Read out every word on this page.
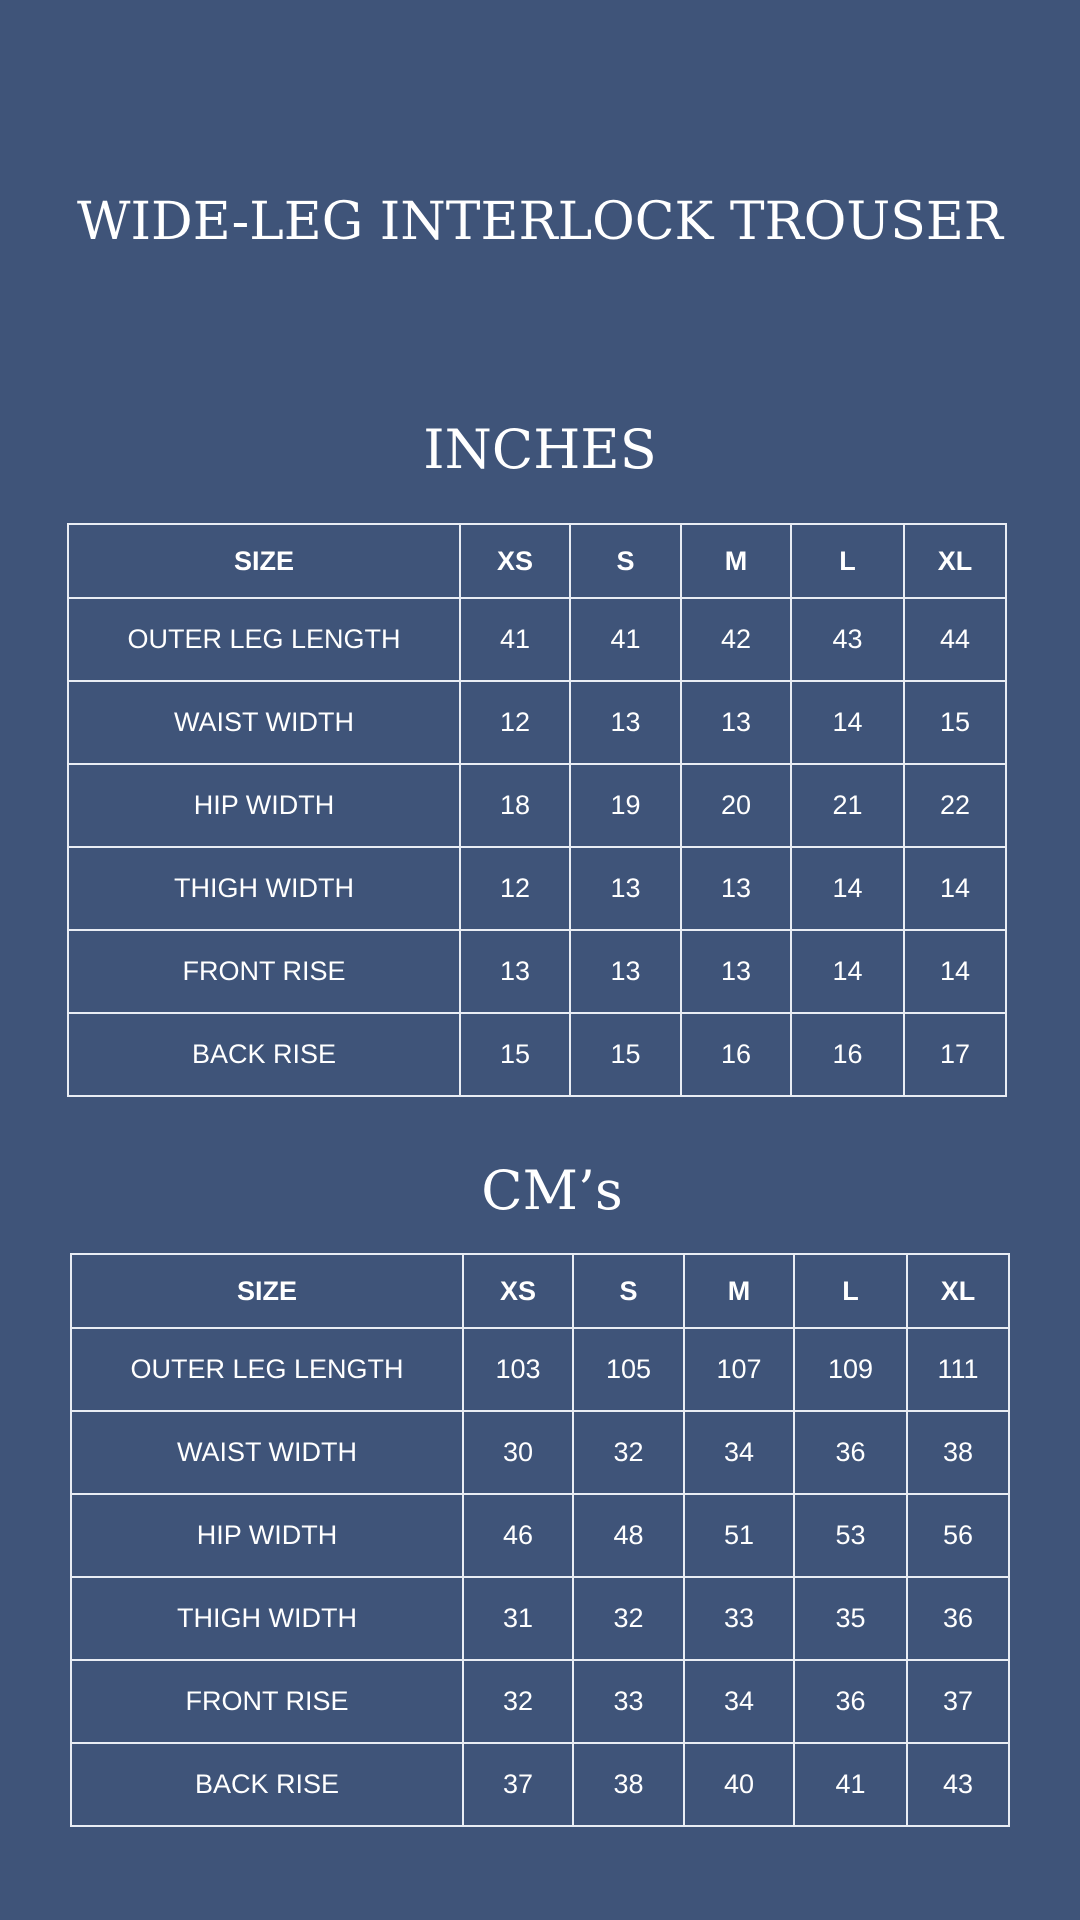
WIDE-LEG INTERLOCK TROUSER
INCHES
SIZE	XS	S	M	L	XL
OUTER LEG LENGTH	41	41	42	43	44
WAIST WIDTH	12	13	13	14	15
HIP WIDTH	18	19	20	21	22
THIGH WIDTH	12	13	13	14	14
FRONT RISE	13	13	13	14	14
BACK RISE	15	15	16	16	17
CM’s
SIZE	XS	S	M	L	XL
OUTER LEG LENGTH	103	105	107	109	111
WAIST WIDTH	30	32	34	36	38
HIP WIDTH	46	48	51	53	56
THIGH WIDTH	31	32	33	35	36
FRONT RISE	32	33	34	36	37
BACK RISE	37	38	40	41	43
